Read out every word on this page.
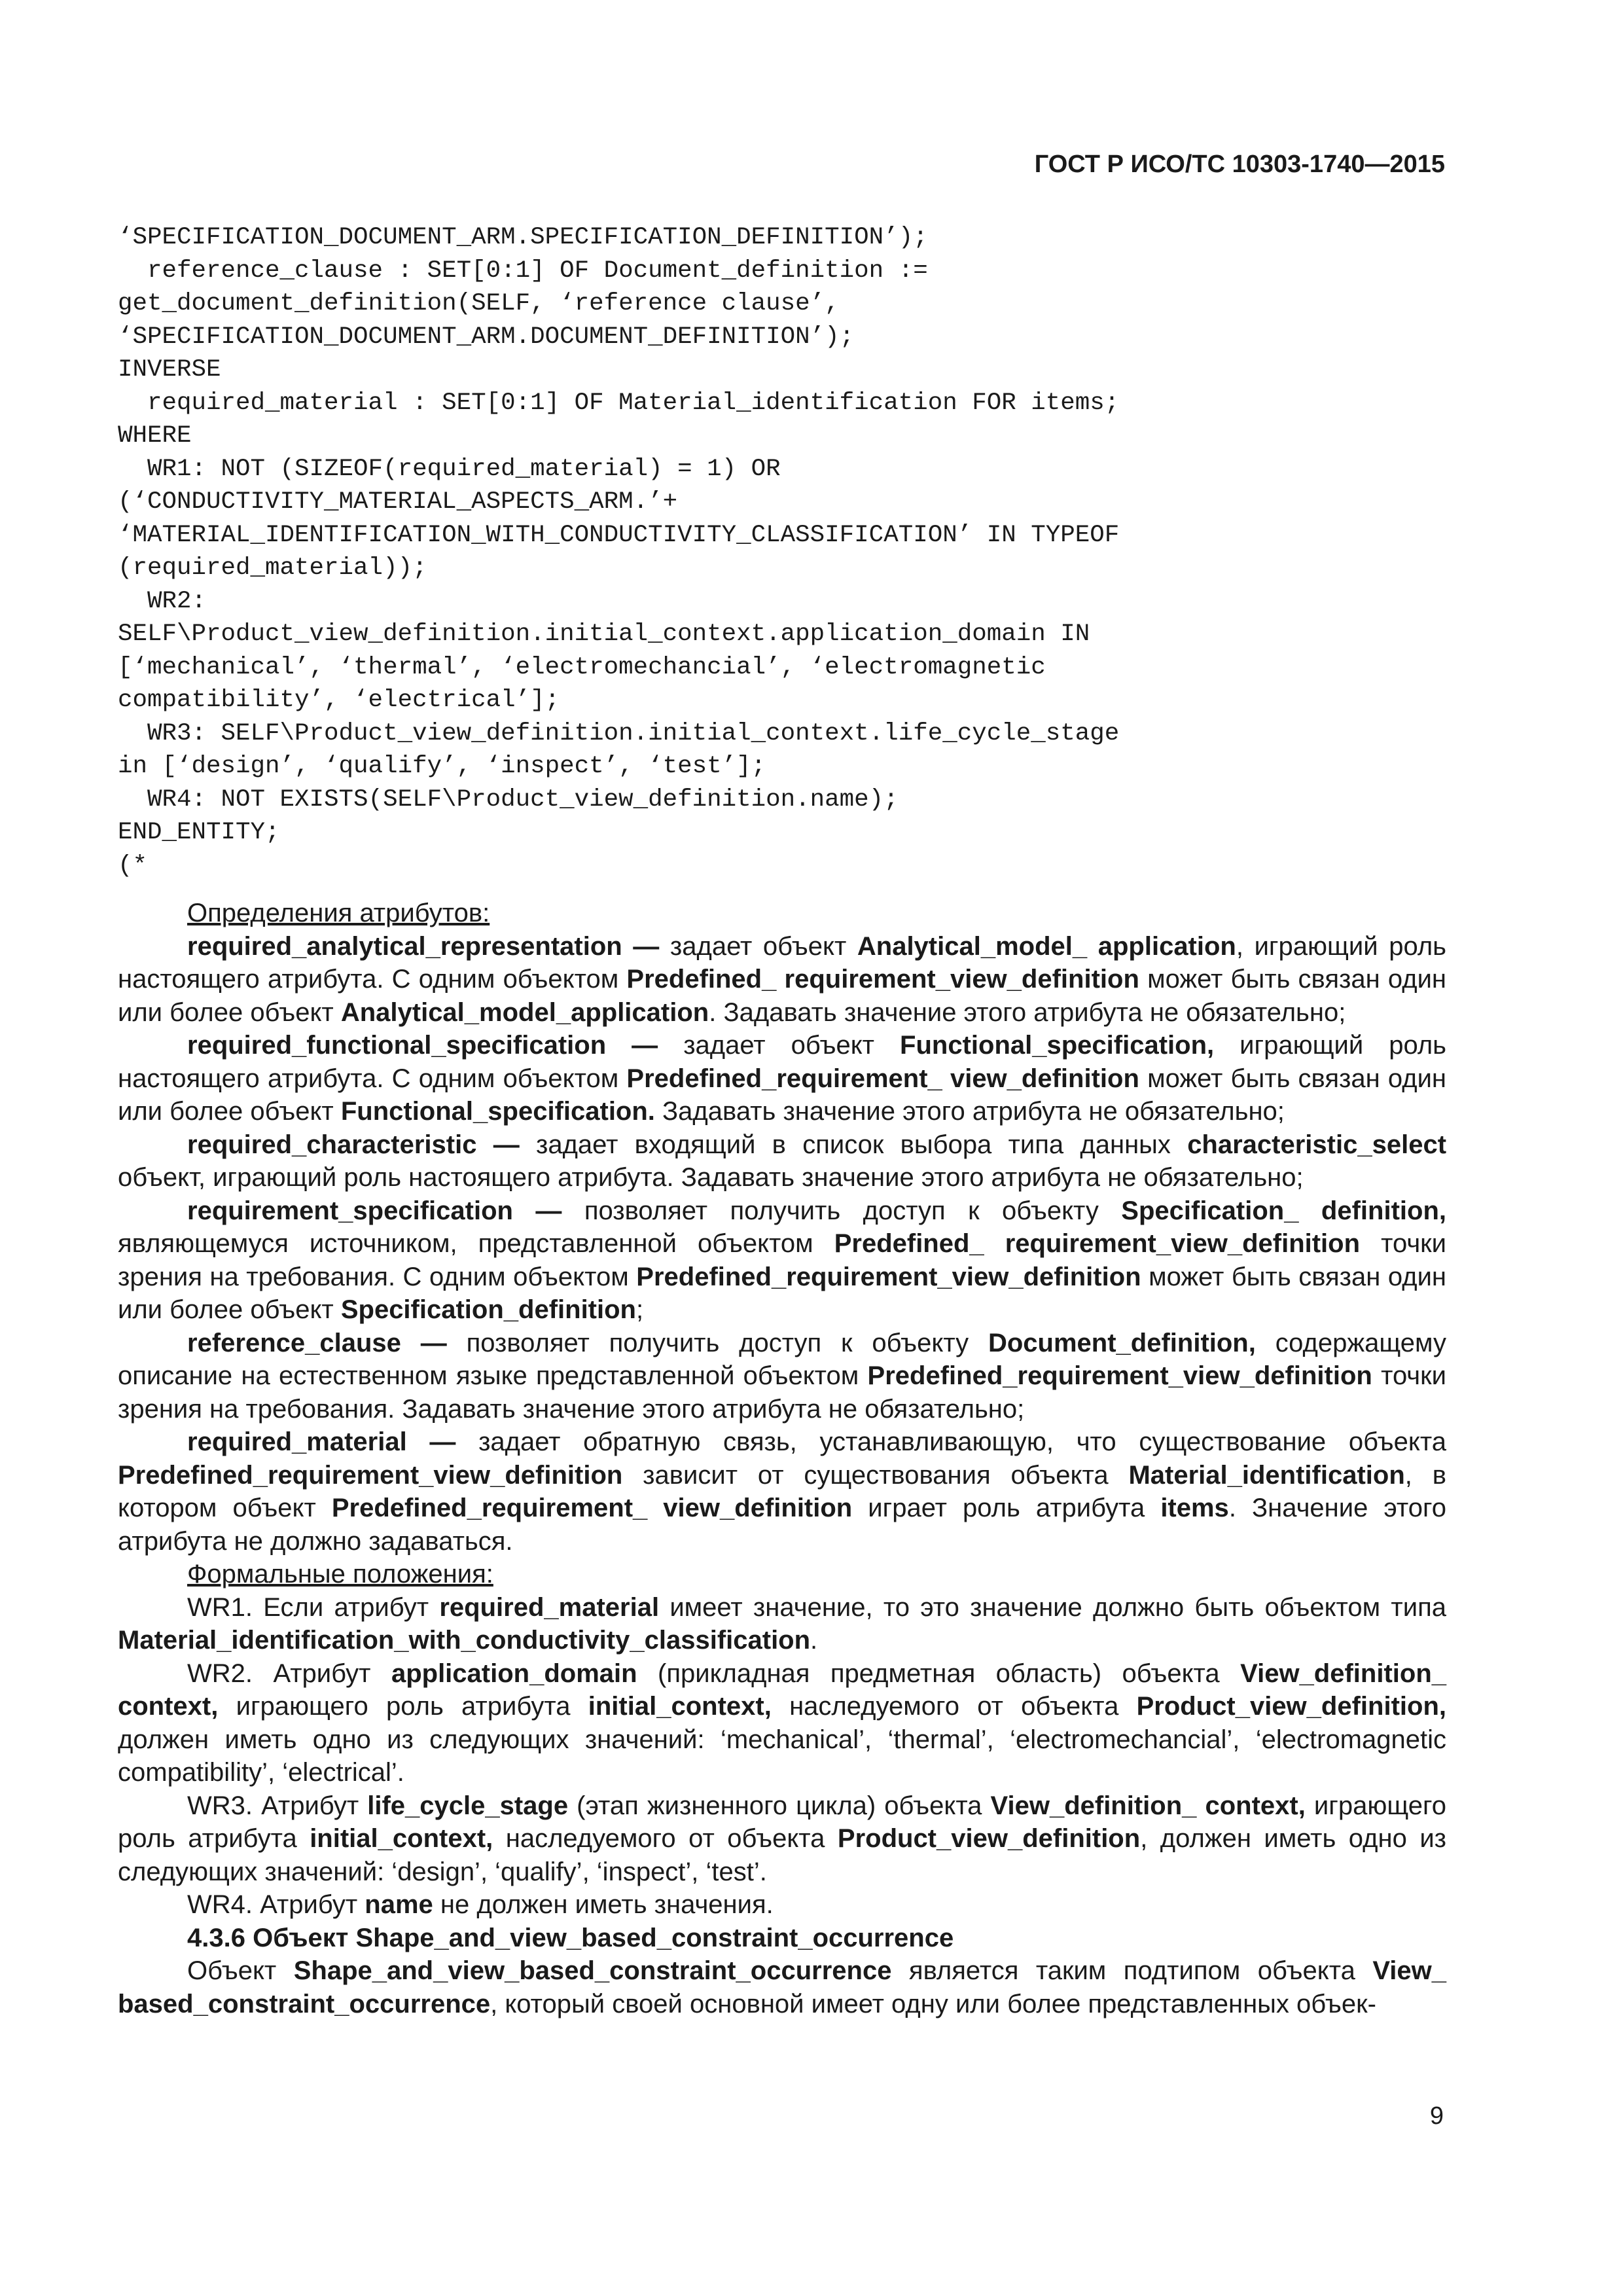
ГОСТ Р ИСО/ТС 10303-1740—2015
‘SPECIFICATION_DOCUMENT_ARM.SPECIFICATION_DEFINITION’);
reference_clause : SET[0:1] OF Document_definition :=
get_document_definition(SELF, ‘reference clause’,
‘SPECIFICATION_DOCUMENT_ARM.DOCUMENT_DEFINITION’);
INVERSE
required_material : SET[0:1] OF Material_identification FOR items;
WHERE
WR1: NOT (SIZEOF(required_material) = 1) OR
(‘CONDUCTIVITY_MATERIAL_ASPECTS_ARM.’+
‘MATERIAL_IDENTIFICATION_WITH_CONDUCTIVITY_CLASSIFICATION’ IN TYPEOF
(required_material));
WR2:
SELF\Product_view_definition.initial_context.application_domain IN
[‘mechanical’, ‘thermal’, ‘electromechancial’, ‘electromagnetic
compatibility’, ‘electrical’];
WR3: SELF\Product_view_definition.initial_context.life_cycle_stage
in [‘design’, ‘qualify’, ‘inspect’, ‘test’];
WR4: NOT EXISTS(SELF\Product_view_definition.name);
END_ENTITY;
(*

Определения атрибутов:

required_analytical_representation — задает объект Analytical_model_ application, играющий роль настоящего атрибута. С одним объектом Predefined_ requirement_view_definition может быть связан один или более объект Analytical_model_application. Задавать значение этого атрибута не обязательно;

required_functional_specification — задает объект Functional_specification, играющий роль настоящего атрибута. С одним объектом Predefined_requirement_ view_definition может быть связан один или более объект Functional_specification. Задавать значение этого атрибута не обязательно;

required_characteristic — задает входящий в список выбора типа данных characteristic_select объект, играющий роль настоящего атрибута. Задавать значение этого атрибута не обязательно;

requirement_specification — позволяет получить доступ к объекту Specification_ definition, являющемуся источником, представленной объектом Predefined_ requirement_view_definition точки зрения на требования. С одним объектом Predefined_requirement_view_definition может быть связан один или более объект Specification_definition;

reference_clause — позволяет получить доступ к объекту Document_definition, содержащему описание на естественном языке представленной объектом Predefined_requirement_view_definition точки зрения на требования. Задавать значение этого атрибута не обязательно;

required_material — задает обратную связь, устанавливающую, что существование объекта Predefined_requirement_view_definition зависит от существования объекта Material_identification, в котором объект Predefined_requirement_ view_definition играет роль атрибута items. Значение этого атрибута не должно задаваться.

Формальные положения:

WR1. Если атрибут required_material имеет значение, то это значение должно быть объектом типа Material_identification_with_conductivity_classification.

WR2. Атрибут application_domain (прикладная предметная область) объекта View_definition_ context, играющего роль атрибута initial_context, наследуемого от объекта Product_view_definition, должен иметь одно из следующих значений: ‘mechanical’, ‘thermal’, ‘electromechancial’, ‘electromagnetic compatibility’, ‘electrical’.

WR3. Атрибут life_cycle_stage (этап жизненного цикла) объекта View_definition_ context, играющего роль атрибута initial_context, наследуемого от объекта Product_view_definition, должен иметь одно из следующих значений: ‘design’, ‘qualify’, ‘inspect’, ‘test’.

WR4. Атрибут name не должен иметь значения.

4.3.6 Объект Shape_and_view_based_constraint_occurrence

Объект Shape_and_view_based_constraint_occurrence является таким подтипом объекта View_ based_constraint_occurrence, который своей основной имеет одну или более представленных объек-

9
